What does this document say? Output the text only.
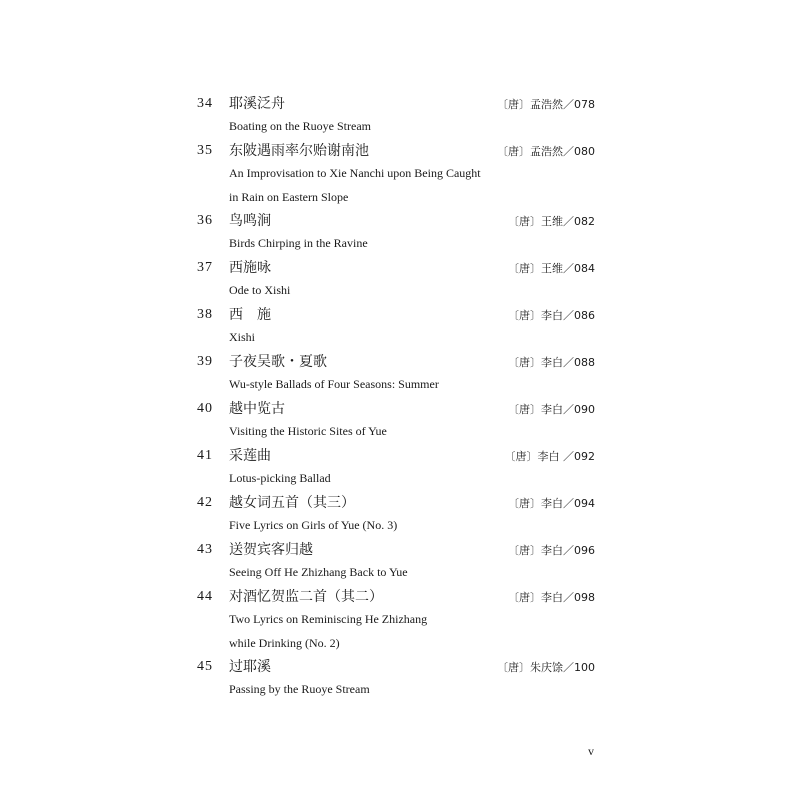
34 耶溪泛舟	〔唐〕孟浩然／078
Boating on the Ruoye Stream
35 东陂遇雨率尔贻谢南池	〔唐〕孟浩然／080
An Improvisation to Xie Nanchi upon Being Caught
in Rain on Eastern Slope
36 鸟鸣涧	〔唐〕王维／082
Birds Chirping in the Ravine
37 西施咏	〔唐〕王维／084
Ode to Xishi
38 西　施	〔唐〕李白／086
Xishi
39 子夜吴歌・夏歌	〔唐〕李白／088
Wu-style Ballads of Four Seasons: Summer
40 越中览古	〔唐〕李白／090
Visiting the Historic Sites of Yue
41 采莲曲	〔唐〕李白 ／092
Lotus-picking Ballad
42 越女词五首（其三）	〔唐〕李白／094
Five Lyrics on Girls of Yue (No. 3)
43 送贺宾客归越	〔唐〕李白／096
Seeing Off He Zhizhang Back to Yue
44 对酒忆贺监二首（其二）	〔唐〕李白／098
Two Lyrics on Reminiscing He Zhizhang
while Drinking (No. 2)
45 过耶溪	〔唐〕朱庆馀／100
Passing by the Ruoye Stream
v
